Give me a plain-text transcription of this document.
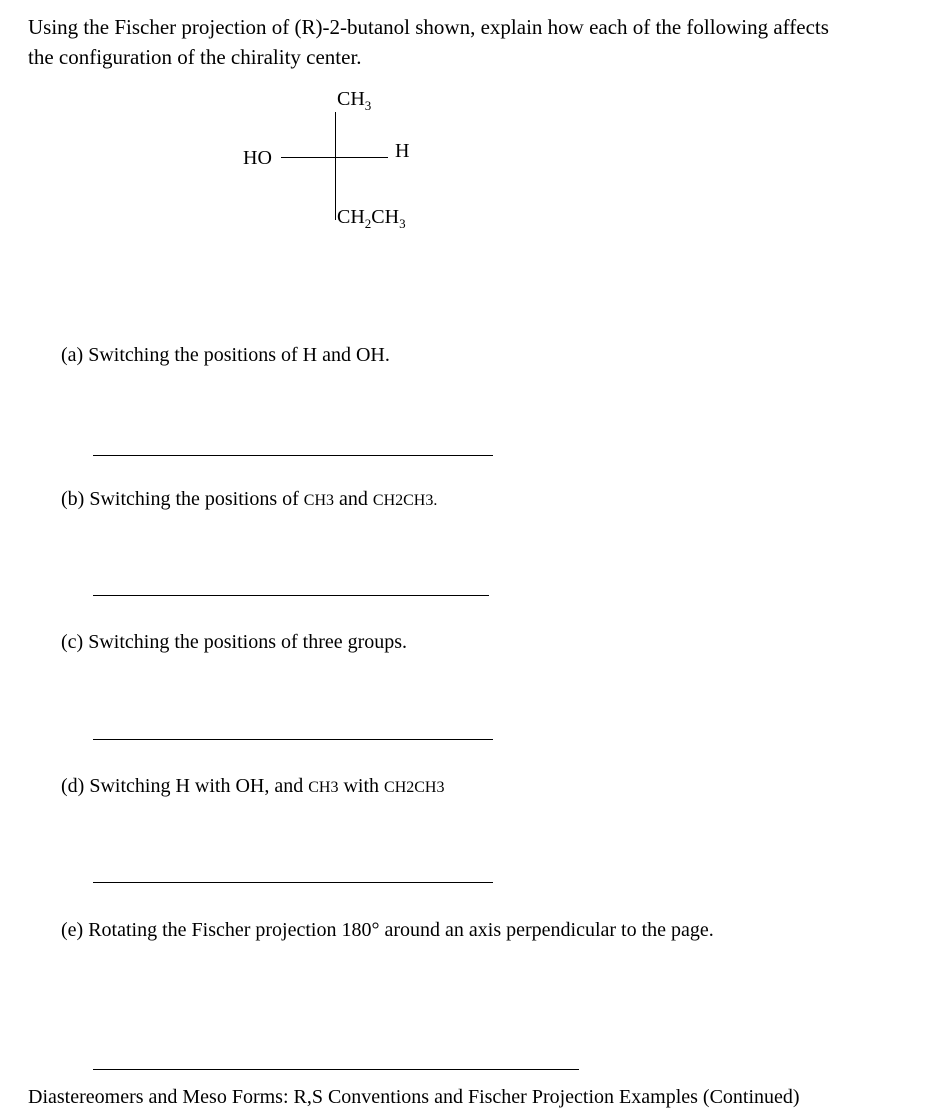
Using the Fischer projection of (R)-2-butanol shown, explain how each of the following affects
the configuration of the chirality center.

$CH_3$
HO	H
$CH_2CH_3$

(a) Switching the positions of H and OH.

(b) Switching the positions of CH3 and CH2CH3.

(c) Switching the positions of three groups.

(d) Switching H with OH, and CH3 with CH2CH3

(e) Rotating the Fischer projection 180° around an axis perpendicular to the page.

Diastereomers and Meso Forms: R,S Conventions and Fischer Projection Examples (Continued)
